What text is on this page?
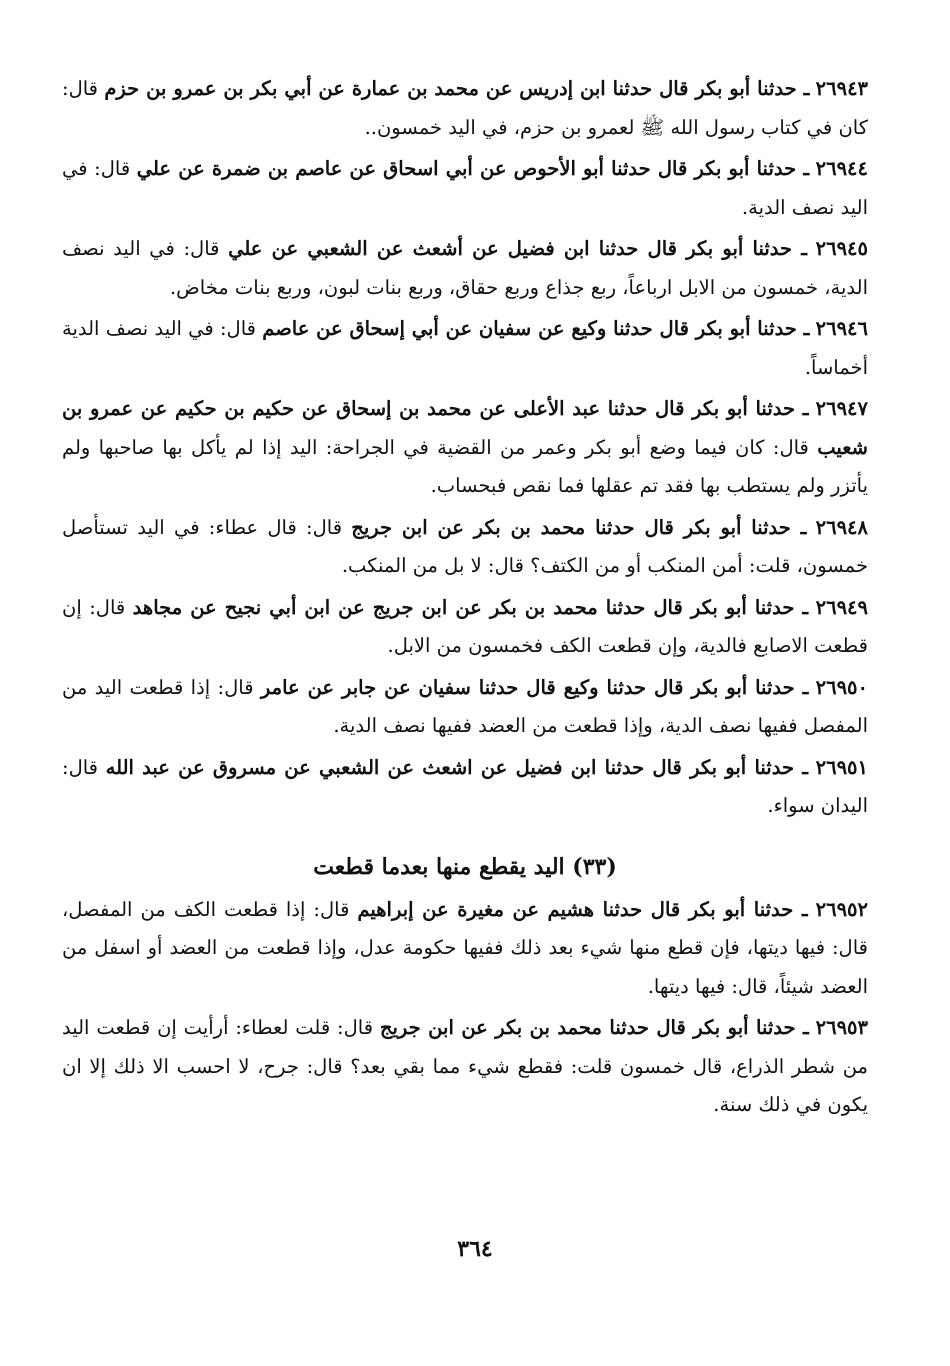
٢٦٩٤٣ ـ حدثنا أبو بكر قال حدثنا ابن إدريس عن محمد بن عمارة عن أبي بكر بن عمرو بن حزم قال: كان في كتاب رسول الله ﷺ لعمرو بن حزم، في اليد خمسون..

٢٦٩٤٤ ـ حدثنا أبو بكر قال حدثنا أبو الأحوص عن أبي اسحاق عن عاصم بن ضمرة عن علي قال: في اليد نصف الدية.

٢٦٩٤٥ ـ حدثنا أبو بكر قال حدثنا ابن فضيل عن أشعث عن الشعبي عن علي قال: في اليد نصف الدية، خمسون من الابل ارباعاً، ربع جذاع وربع حقاق، وربع بنات لبون، وربع بنات مخاض.

٢٦٩٤٦ ـ حدثنا أبو بكر قال حدثنا وكيع عن سفيان عن أبي إسحاق عن عاصم قال: في اليد نصف الدية أخماساً.

٢٦٩٤٧ ـ حدثنا أبو بكر قال حدثنا عبد الأعلى عن محمد بن إسحاق عن حكيم بن حكيم عن عمرو بن شعيب قال: كان فيما وضع أبو بكر وعمر من القضية في الجراحة: اليد إذا لم يأكل بها صاحبها ولم يأتزر ولم يستطب بها فقد تم عقلها فما نقص فبحساب.

٢٦٩٤٨ ـ حدثنا أبو بكر قال حدثنا محمد بن بكر عن ابن جريج قال: قال عطاء: في اليد تستأصل خمسون، قلت: أمن المنكب أو من الكتف؟ قال: لا بل من المنكب.

٢٦٩٤٩ ـ حدثنا أبو بكر قال حدثنا محمد بن بكر عن ابن جريج عن ابن أبي نجيح عن مجاهد قال: إن قطعت الاصابع فالدية، وإن قطعت الكف فخمسون من الابل.

٢٦٩٥٠ ـ حدثنا أبو بكر قال حدثنا وكيع قال حدثنا سفيان عن جابر عن عامر قال: إذا قطعت اليد من المفصل ففيها نصف الدية، وإذا قطعت من العضد ففيها نصف الدية.

٢٦٩٥١ ـ حدثنا أبو بكر قال حدثنا ابن فضيل عن اشعث عن الشعبي عن مسروق عن عبد الله قال: اليدان سواء.

(٣٣) اليد يقطع منها بعدما قطعت

٢٦٩٥٢ ـ حدثنا أبو بكر قال حدثنا هشيم عن مغيرة عن إبراهيم قال: إذا قطعت الكف من المفصل، قال: فيها ديتها، فإن قطع منها شيء بعد ذلك ففيها حكومة عدل، وإذا قطعت من العضد أو اسفل من العضد شيئاً، قال: فيها ديتها.

٢٦٩٥٣ ـ حدثنا أبو بكر قال حدثنا محمد بن بكر عن ابن جريج قال: قلت لعطاء: أرأيت إن قطعت اليد من شطر الذراع، قال خمسون قلت: فقطع شيء مما بقي بعد؟ قال: جرح، لا احسب الا ذلك إلا ان يكون في ذلك سنة.

٣٦٤
